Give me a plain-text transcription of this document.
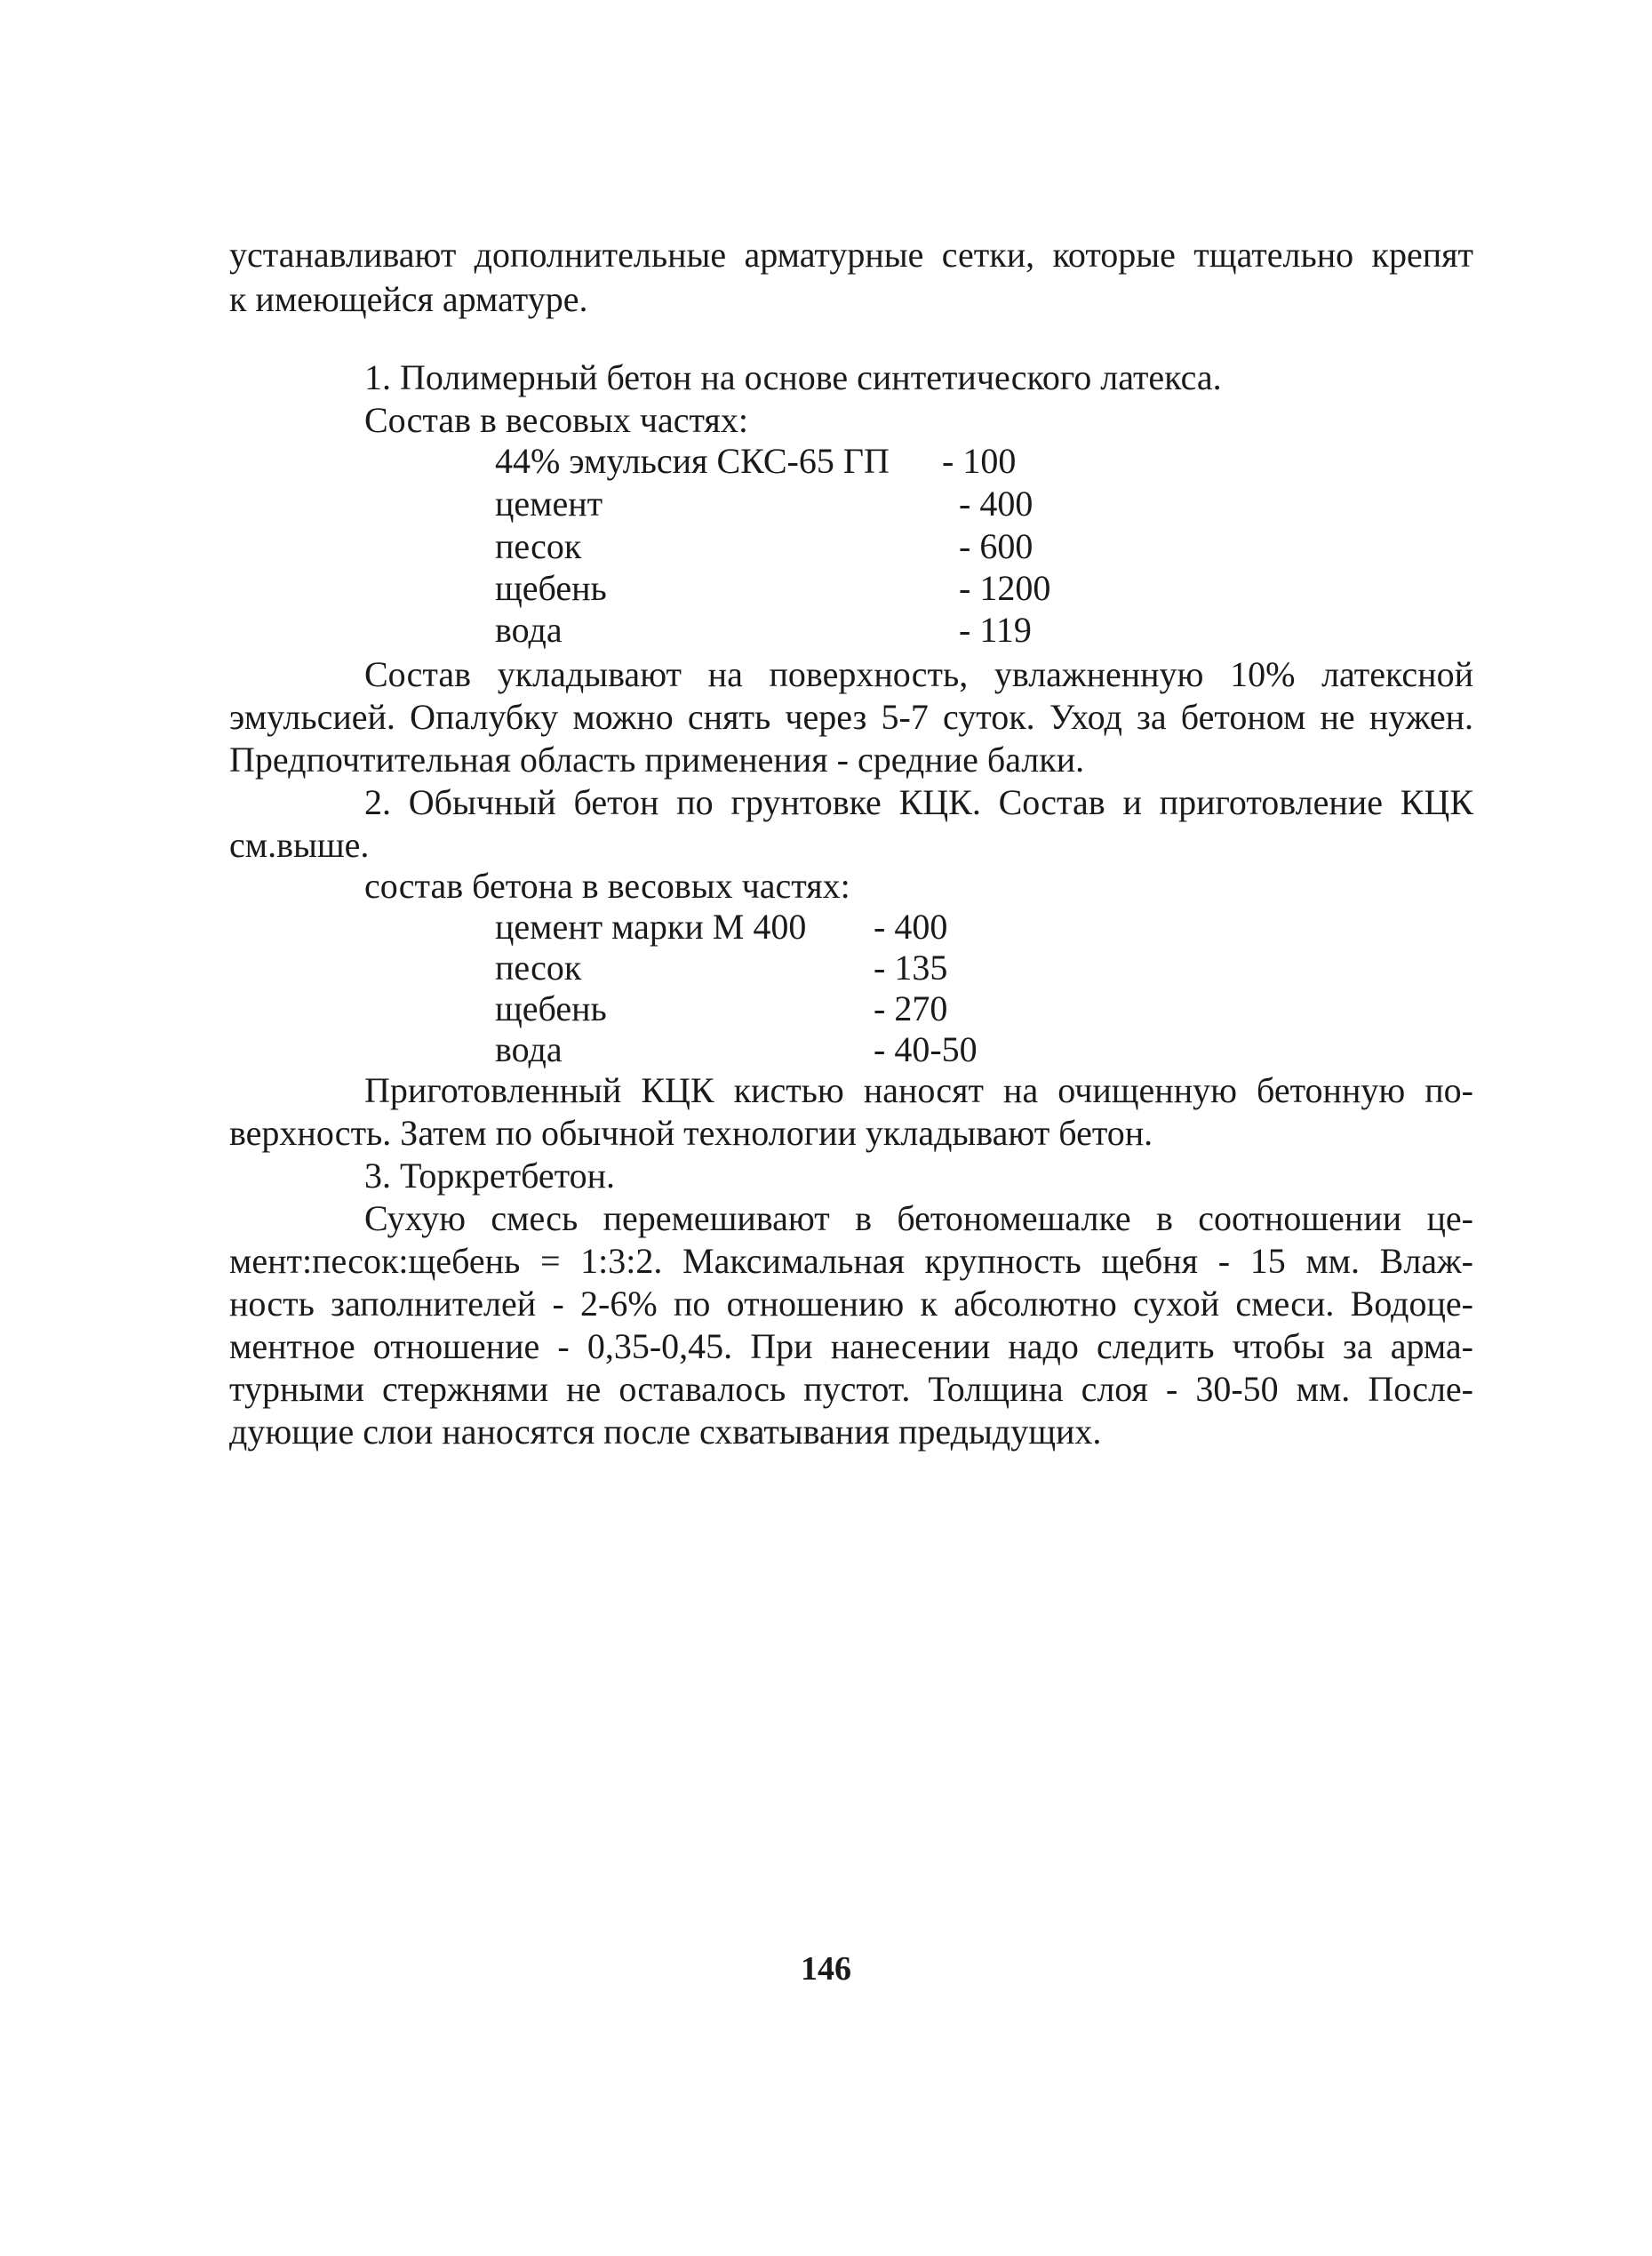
устанавливают дополнительные арматурные сетки, которые тщательно крепят
к имеющейся арматуре.
1. Полимерный бетон на основе синтетического латекса.
Состав в весовых частях:
44% эмульсия СКС-65 ГП - 100
цемент	- 400
песок	- 600
щебень	- 1200
вода	- 119
Состав укладывают на поверхность, увлажненную 10% латексной
эмульсией. Опалубку можно снять через 5-7 суток. Уход за бетоном не нужен.
Предпочтительная область применения - средние балки.
2. Обычный бетон по грунтовке КЦК. Состав и приготовление КЦК
см.выше.
состав бетона в весовых частях:
цемент марки М 400 - 400
песок	- 135
щебень	- 270
вода	- 40-50
Приготовленный КЦК кистью наносят на очищенную бетонную по-
верхность. Затем по обычной технологии укладывают бетон.
3. Торкретбетон.
Сухую смесь перемешивают в бетономешалке в соотношении це-
мент:песок:щебень = 1:3:2. Максимальная крупность щебня - 15 мм. Влаж-
ность заполнителей - 2-6% по отношению к абсолютно сухой смеси. Водоце-
ментное отношение - 0,35-0,45. При нанесении надо следить чтобы за арма-
турными стержнями не оставалось пустот. Толщина слоя - 30-50 мм. После-
дующие слои наносятся после схватывания предыдущих.
146
